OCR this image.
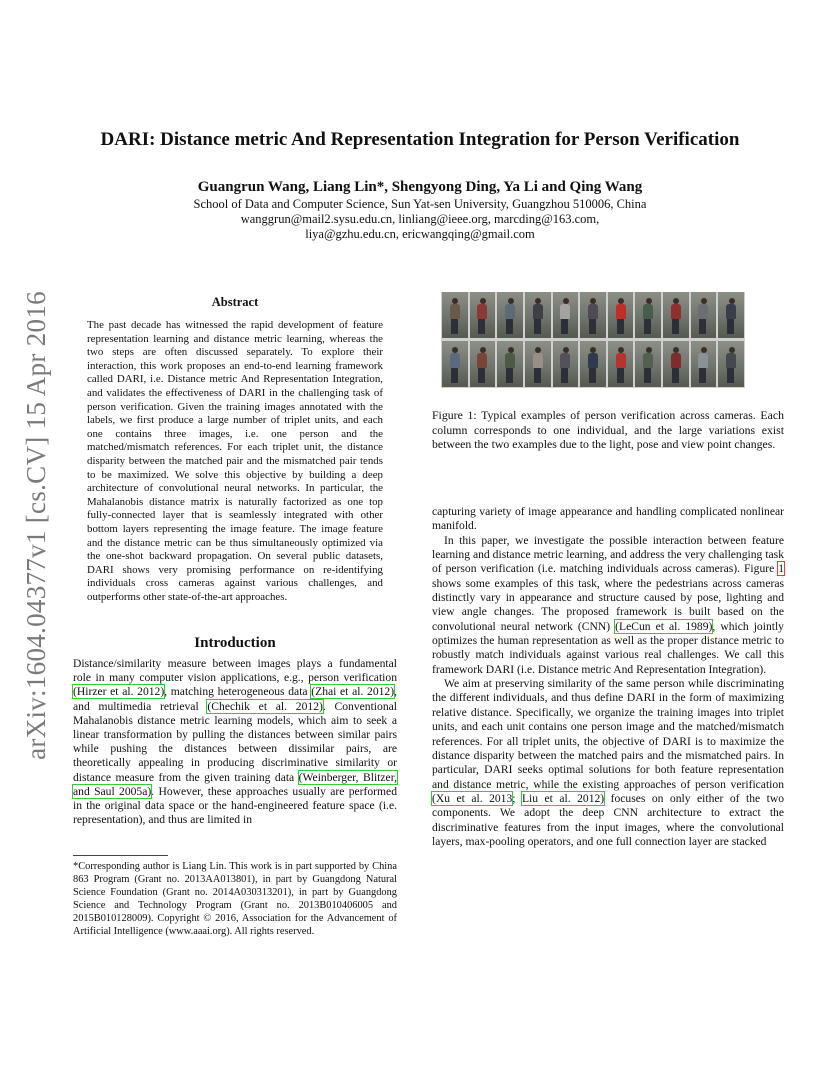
arXiv:1604.04377v1 [cs.CV] 15 Apr 2016
DARI: Distance metric And Representation Integration for Person Verification
Guangrun Wang, Liang Lin*, Shengyong Ding, Ya Li and Qing Wang
School of Data and Computer Science, Sun Yat-sen University, Guangzhou 510006, China
wanggrun@mail2.sysu.edu.cn, linliang@ieee.org, marcding@163.com,
liya@gzhu.edu.cn, ericwangqing@gmail.com
Abstract
The past decade has witnessed the rapid development of feature representation learning and distance metric learning, whereas the two steps are often discussed separately. To explore their interaction, this work proposes an end-to-end learning framework called DARI, i.e. Distance metric And Representation Integration, and validates the effectiveness of DARI in the challenging task of person verification. Given the training images annotated with the labels, we first produce a large number of triplet units, and each one contains three images, i.e. one person and the matched/mismatch references. For each triplet unit, the distance disparity between the matched pair and the mismatched pair tends to be maximized. We solve this objective by building a deep architecture of convolutional neural networks. In particular, the Mahalanobis distance matrix is naturally factorized as one top fully-connected layer that is seamlessly integrated with other bottom layers representing the image feature. The image feature and the distance metric can be thus simultaneously optimized via the one-shot backward propagation. On several public datasets, DARI shows very promising performance on re-identifying individuals cross cameras against various challenges, and outperforms other state-of-the-art approaches.
Introduction

Distance/similarity measure between images plays a fundamental role in many computer vision applications, e.g., person verification (Hirzer et al. 2012), matching heterogeneous data (Zhai et al. 2012), and multimedia retrieval (Chechik et al. 2012). Conventional Mahalanobis distance metric learning models, which aim to seek a linear transformation by pulling the distances between similar pairs while pushing the distances between dissimilar pairs, are theoretically appealing in producing discriminative similarity or distance measure from the given training data (Weinberger, Blitzer, and Saul 2005a). However, these approaches usually are performed in the original data space or the hand-engineered feature space (i.e. representation), and thus are limited in

*Corresponding author is Liang Lin. This work is in part supported by China 863 Program (Grant no. 2013AA013801), in part by Guangdong Natural Science Foundation (Grant no. 2014A030313201), in part by Guangdong Science and Technology Program (Grant no. 2013B010406005 and 2015B010128009). Copyright © 2016, Association for the Advancement of Artificial Intelligence (www.aaai.org). All rights reserved.
Figure 1: Typical examples of person verification across cameras. Each column corresponds to one individual, and the large variations exist between the two examples due to the light, pose and view point changes.

capturing variety of image appearance and handling complicated nonlinear manifold.

In this paper, we investigate the possible interaction between feature learning and distance metric learning, and address the very challenging task of person verification (i.e. matching individuals across cameras). Figure 1 shows some examples of this task, where the pedestrians across cameras distinctly vary in appearance and structure caused by pose, lighting and view angle changes. The proposed framework is built based on the convolutional neural network (CNN) (LeCun et al. 1989), which jointly optimizes the human representation as well as the proper distance metric to robustly match individuals against various real challenges. We call this framework DARI (i.e. Distance metric And Representation Integration).

We aim at preserving similarity of the same person while discriminating the different individuals, and thus define DARI in the form of maximizing relative distance. Specifically, we organize the training images into triplet units, and each unit contains one person image and the matched/mismatch references. For all triplet units, the objective of DARI is to maximize the distance disparity between the matched pairs and the mismatched pairs. In particular, DARI seeks optimal solutions for both feature representation and distance metric, while the existing approaches of person verification (Xu et al. 2013; Liu et al. 2012) focuses on only either of the two components. We adopt the deep CNN architecture to extract the discriminative features from the input images, where the convolutional layers, max-pooling operators, and one full connection layer are stacked
